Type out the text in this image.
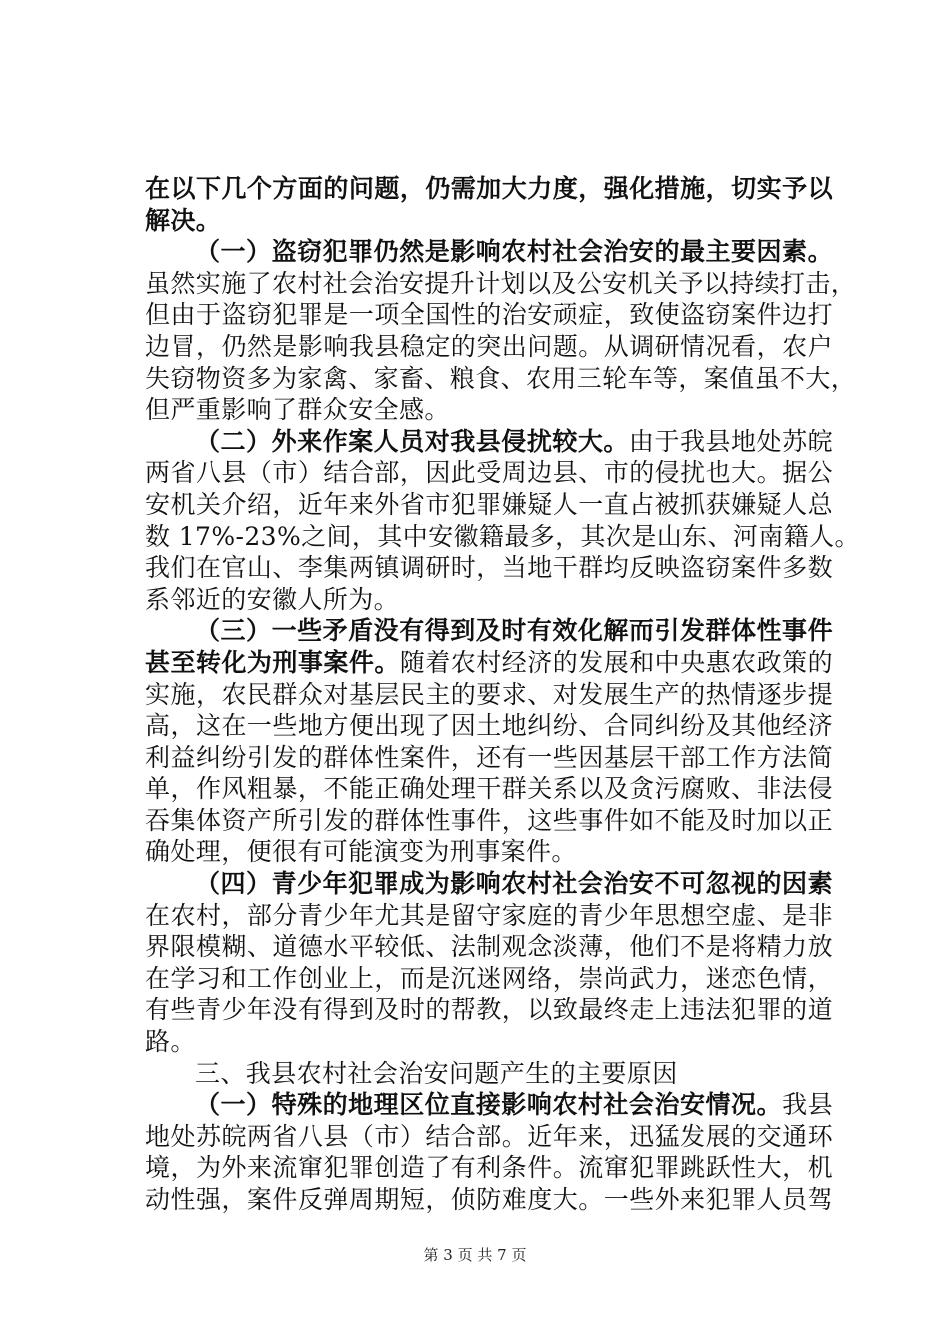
在以下几个方面的问题，仍需加大力度，强化措施，切实予以
解决。
（一）盗窃犯罪仍然是影响农村社会治安的最主要因素。
虽然实施了农村社会治安提升计划以及公安机关予以持续打击，
但由于盗窃犯罪是一项全国性的治安顽症，致使盗窃案件边打
边冒，仍然是影响我县稳定的突出问题。从调研情况看，农户
失窃物资多为家禽、家畜、粮食、农用三轮车等，案值虽不大，
但严重影响了群众安全感。
（二）外来作案人员对我县侵扰较大。由于我县地处苏皖
两省八县（市）结合部，因此受周边县、市的侵扰也大。据公
安机关介绍，近年来外省市犯罪嫌疑人一直占被抓获嫌疑人总
数 17%-23%之间，其中安徽籍最多，其次是山东、河南籍人。
我们在官山、李集两镇调研时，当地干群均反映盗窃案件多数
系邻近的安徽人所为。
（三）一些矛盾没有得到及时有效化解而引发群体性事件
甚至转化为刑事案件。随着农村经济的发展和中央惠农政策的
实施，农民群众对基层民主的要求、对发展生产的热情逐步提
高，这在一些地方便出现了因土地纠纷、合同纠纷及其他经济
利益纠纷引发的群体性案件，还有一些因基层干部工作方法简
单，作风粗暴，不能正确处理干群关系以及贪污腐败、非法侵
吞集体资产所引发的群体性事件，这些事件如不能及时加以正
确处理，便很有可能演变为刑事案件。
（四）青少年犯罪成为影响农村社会治安不可忽视的因素
在农村，部分青少年尤其是留守家庭的青少年思想空虚、是非
界限模糊、道德水平较低、法制观念淡薄，他们不是将精力放
在学习和工作创业上，而是沉迷网络，崇尚武力，迷恋色情，
有些青少年没有得到及时的帮教，以致最终走上违法犯罪的道
路。
三、我县农村社会治安问题产生的主要原因
（一）特殊的地理区位直接影响农村社会治安情况。我县
地处苏皖两省八县（市）结合部。近年来，迅猛发展的交通环
境，为外来流窜犯罪创造了有利条件。流窜犯罪跳跃性大，机
动性强，案件反弹周期短，侦防难度大。一些外来犯罪人员驾
第 3 页 共 7 页
